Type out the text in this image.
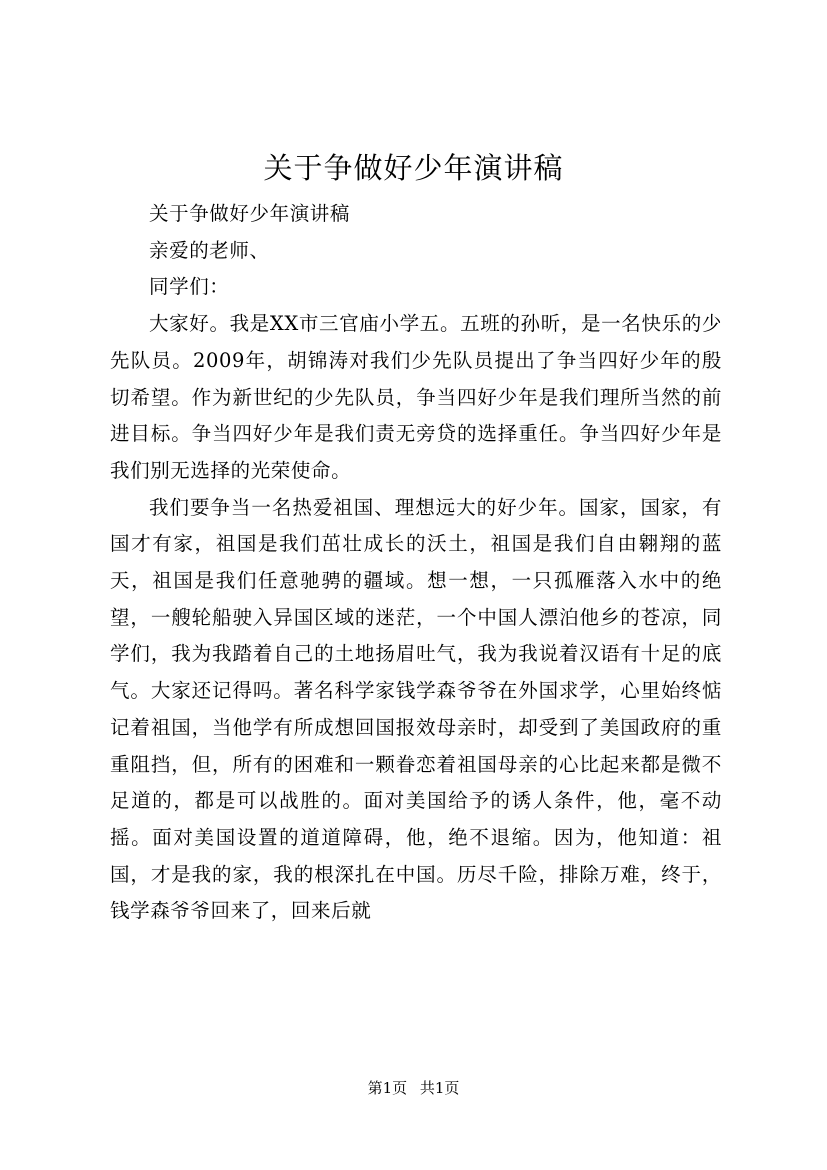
关于争做好少年演讲稿

关于争做好少年演讲稿

亲爱的老师、

同学们：

大家好。我是XX市三官庙小学五。五班的孙昕，是一名快乐的少先队员。2009年，胡锦涛对我们少先队员提出了争当四好少年的殷切希望。作为新世纪的少先队员，争当四好少年是我们理所当然的前进目标。争当四好少年是我们责无旁贷的选择重任。争当四好少年是我们别无选择的光荣使命。

我们要争当一名热爱祖国、理想远大的好少年。国家，国家，有国才有家，祖国是我们茁壮成长的沃土，祖国是我们自由翱翔的蓝天，祖国是我们任意驰骋的疆域。想一想，一只孤雁落入水中的绝望，一艘轮船驶入异国区域的迷茫，一个中国人漂泊他乡的苍凉，同学们，我为我踏着自己的土地扬眉吐气，我为我说着汉语有十足的底气。大家还记得吗。著名科学家钱学森爷爷在外国求学，心里始终惦记着祖国，当他学有所成想回国报效母亲时，却受到了美国政府的重重阻挡，但，所有的困难和一颗眷恋着祖国母亲的心比起来都是微不足道的，都是可以战胜的。面对美国给予的诱人条件，他，毫不动摇。面对美国设置的道道障碍，他，绝不退缩。因为，他知道：祖国，才是我的家，我的根深扎在中国。历尽千险，排除万难，终于，钱学森爷爷回来了，回来后就

第1页 共1页
